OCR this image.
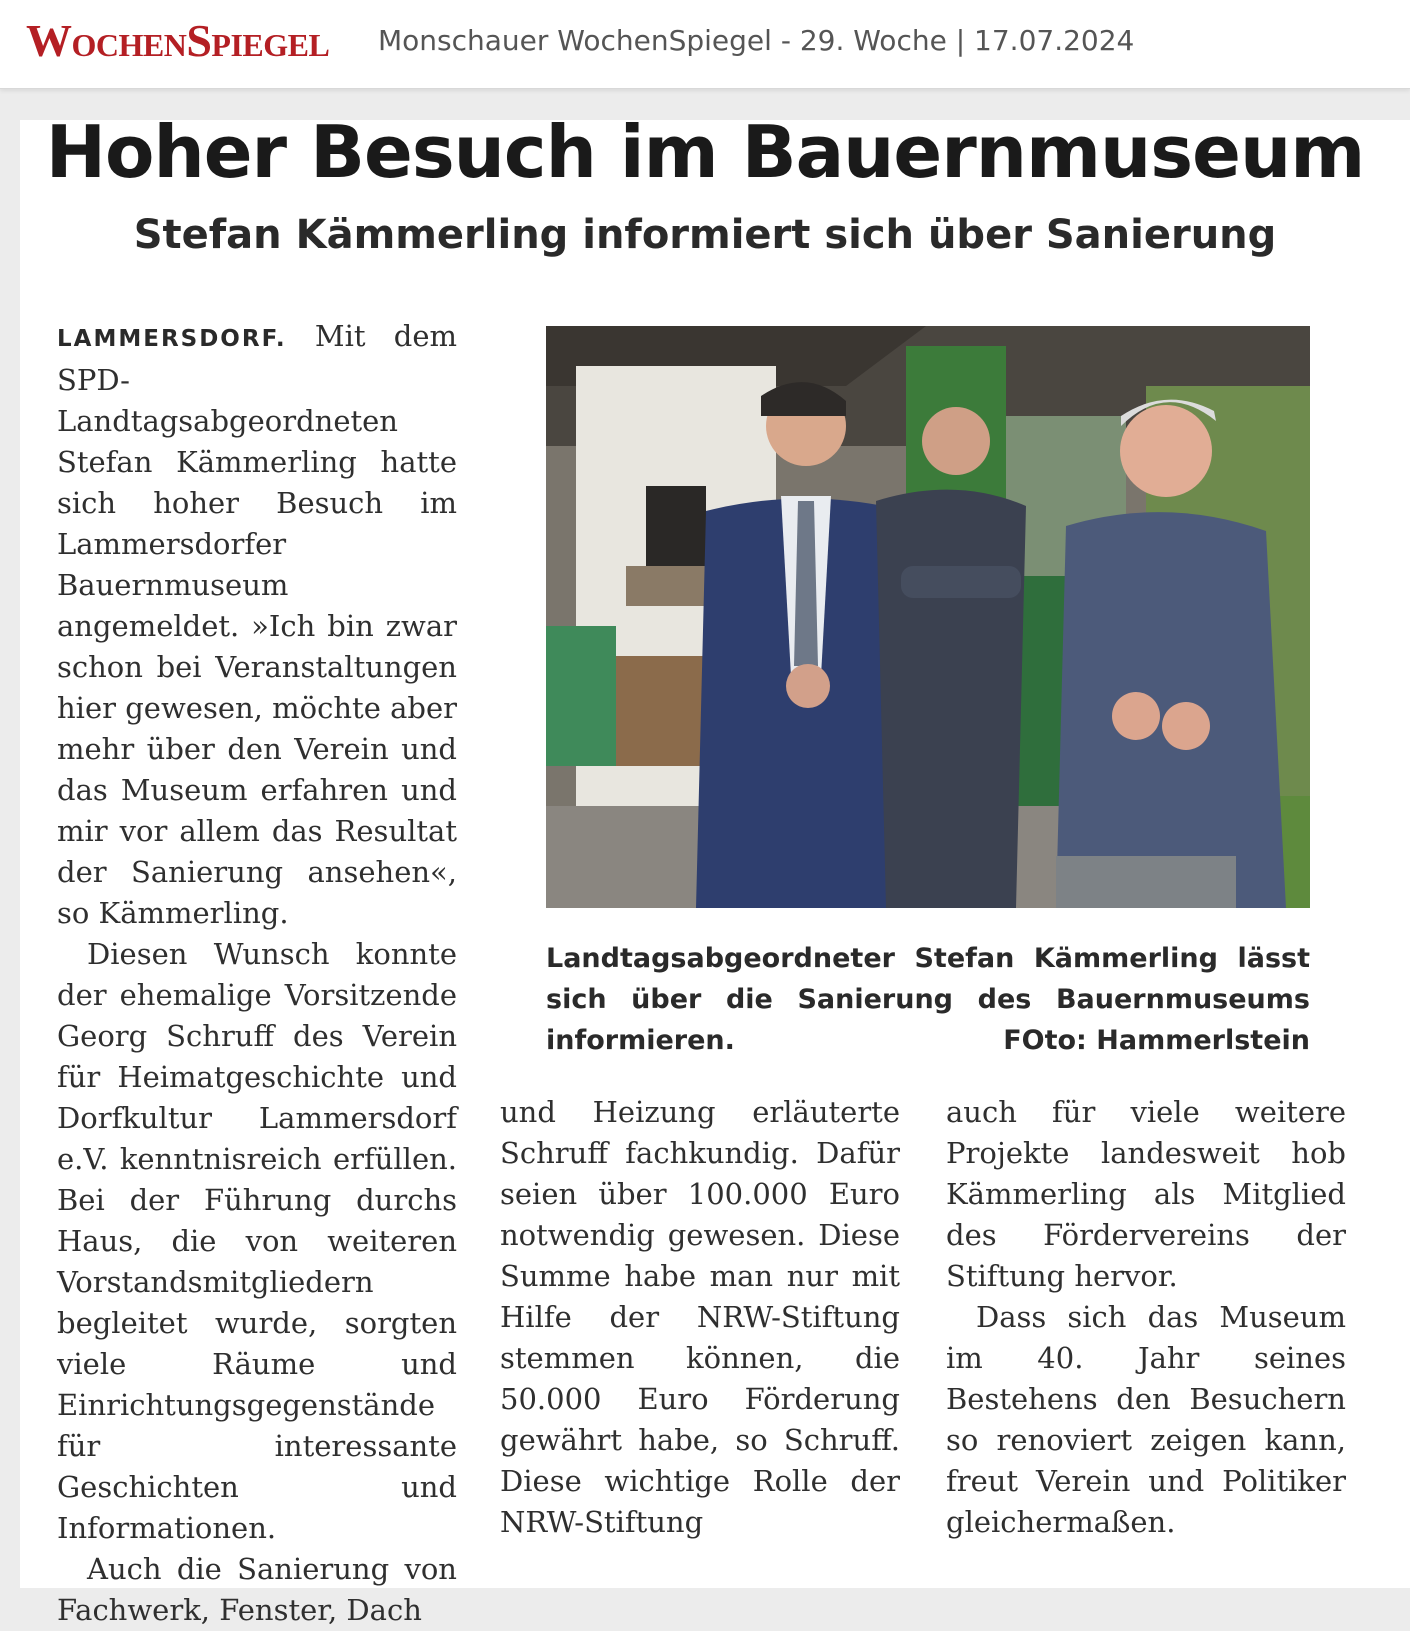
WochenSpiegel Monschauer WochenSpiegel - 29. Woche | 17.07.2024
Hoher Besuch im Bauernmuseum
Stefan Kämmerling informiert sich über Sanierung

LAMMERSDORF. Mit dem SPD-Landtagsabgeordneten Stefan Kämmerling hatte sich hoher Besuch im Lammersdorfer Bauernmuseum angemeldet. »Ich bin zwar schon bei Veranstaltungen hier gewesen, möchte aber mehr über den Verein und das Museum erfahren und mir vor allem das Resultat der Sanierung ansehen«, so Kämmerling.

Diesen Wunsch konnte der ehemalige Vorsitzende Georg Schruff des Verein für Heimatgeschichte und Dorfkultur Lammersdorf e.V. kenntnisreich erfüllen. Bei der Führung durchs Haus, die von weiteren Vorstandsmitgliedern begleitet wurde, sorgten viele Räume und Einrichtungsgegenstände für interessante Geschichten und Informationen.

Auch die Sanierung von Fachwerk, Fenster, Dach

Landtagsabgeordneter Stefan Kämmerling lässt sich über die Sanierung des Bauernmuseums informieren.	FOto: Hammerlstein

und Heizung erläuterte Schruff fachkundig. Dafür seien über 100.000 Euro notwendig gewesen. Diese Summe habe man nur mit Hilfe der NRW-Stiftung stemmen können, die 50.000 Euro Förderung gewährt habe, so Schruff. Diese wichtige Rolle der NRW-Stiftung

auch für viele weitere Projekte landesweit hob Kämmerling als Mitglied des Fördervereins der Stiftung hervor.

Dass sich das Museum im 40. Jahr seines Bestehens den Besuchern so renoviert zeigen kann, freut Verein und Politiker gleichermaßen.
